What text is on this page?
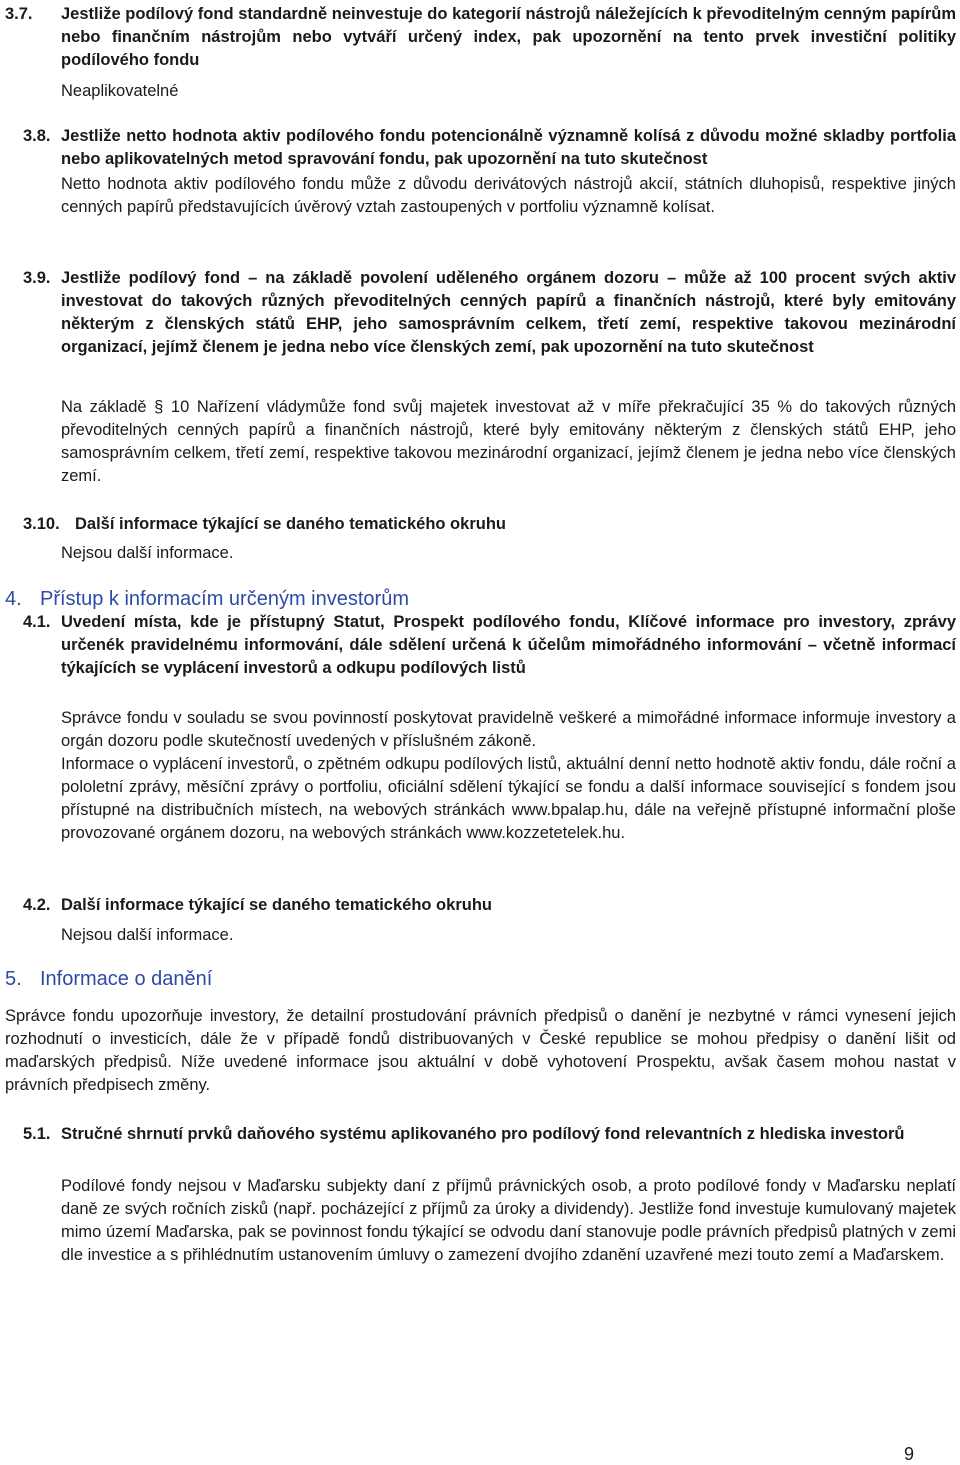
3.7. Jestliže podílový fond standardně neinvestuje do kategorií nástrojů náležejících k převoditelným cenným papírům nebo finančním nástrojům nebo vytváří určený index, pak upozornění na tento prvek investiční politiky podílového fondu
Neaplikovatelné
3.8. Jestliže netto hodnota aktiv podílového fondu potencionálně významně kolísá z důvodu možné skladby portfolia nebo aplikovatelných metod spravování fondu, pak upozornění na tuto skutečnost
Netto hodnota aktiv podílového fondu může z důvodu derivátových nástrojů akcií, státních dluhopisů, respektive jiných cenných papírů představujících úvěrový vztah zastoupených v portfoliu významně kolísat.
3.9. Jestliže podílový fond – na základě povolení uděleného orgánem dozoru – může až 100 procent svých aktiv investovat do takových různých převoditelných cenných papírů a finančních nástrojů, které byly emitovány některým z členských států EHP, jeho samosprávním celkem, třetí zemí, respektive takovou mezinárodní organizací, jejímž členem je jedna nebo více členských zemí, pak upozornění na tuto skutečnost
Na základě § 10 Nařízení vládymůže fond svůj majetek investovat až v míře překračující 35 % do takových různých převoditelných cenných papírů a finančních nástrojů, které byly emitovány některým z členských států EHP, jeho samosprávním celkem, třetí zemí, respektive takovou mezinárodní organizací, jejímž členem je jedna nebo více členských zemí.
3.10. Další informace týkající se daného tematického okruhu
Nejsou další informace.
4. Přístup k informacím určeným investorům
4.1. Uvedení místa, kde je přístupný Statut, Prospekt podílového fondu, Klíčové informace pro investory, zprávy určenék pravidelnému informování, dále sdělení určená k účelům mimořádného informování – včetně informací týkajících se vyplácení investorů a odkupu podílových listů

Správce fondu v souladu se svou povinností poskytovat pravidelně veškeré a mimořádné informace informuje investory a orgán dozoru podle skutečností uvedených v příslušném zákoně.

Informace o vyplácení investorů, o zpětném odkupu podílových listů, aktuální denní netto hodnotě aktiv fondu, dále roční a pololetní zprávy, měsíční zprávy o portfoliu, oficiální sdělení týkající se fondu a další informace související s fondem jsou přístupné na distribučních místech, na webových stránkách www.bpalap.hu, dále na veřejně přístupné informační ploše provozované orgánem dozoru, na webových stránkách www.kozzetetelek.hu.

4.2. Další informace týkající se daného tematického okruhu
Nejsou další informace.
5. Informace o danění
Správce fondu upozorňuje investory, že detailní prostudování právních předpisů o danění je nezbytné v rámci vynesení jejich rozhodnutí o investicích, dále že v případě fondů distribuovaných v České republice se mohou předpisy o danění lišit od maďarských předpisů. Níže uvedené informace jsou aktuální v době vyhotovení Prospektu, avšak časem mohou nastat v právních předpisech změny.
5.1. Stručné shrnutí prvků daňového systému aplikovaného pro podílový fond relevantních z hlediska investorů
Podílové fondy nejsou v Maďarsku subjekty daní z příjmů právnických osob, a proto podílové fondy v Maďarsku neplatí daně ze svých ročních zisků (např. pocházející z příjmů za úroky a dividendy). Jestliže fond investuje kumulovaný majetek mimo území Maďarska, pak se povinnost fondu týkající se odvodu daní stanovuje podle právních předpisů platných v zemi dle investice a s přihlédnutím ustanovením úmluvy o zamezení dvojího zdanění uzavřené mezi touto zemí a Maďarskem.
9
